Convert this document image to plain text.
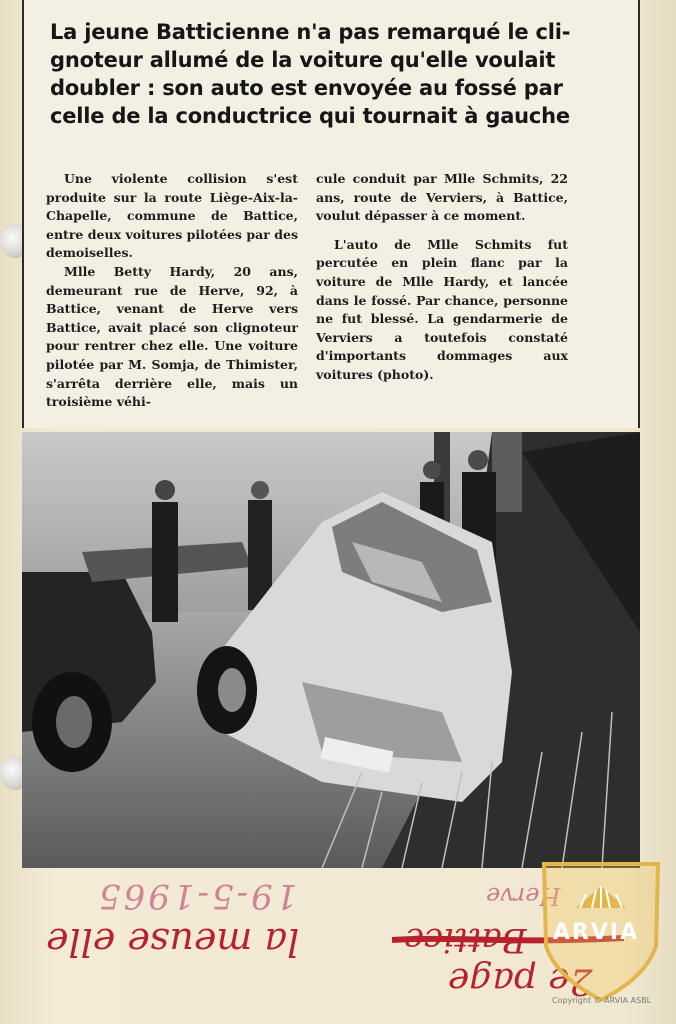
La jeune Batticienne n'a pas remarqué le cli-
gnoteur allumé de la voiture qu'elle voulait
doubler : son auto est envoyée au fossé par
celle de la conductrice qui tournait à gauche

Une violente collision s'est produite sur la route Liège-Aix-la-Chapelle, commune de Battice, entre deux voitures pilotées par des demoiselles.

Mlle Betty Hardy, 20 ans, demeurant rue de Herve, 92, à Battice, venant de Herve vers Battice, avait placé son clignoteur pour rentrer chez elle. Une voiture pilotée par M. Somja, de Thimister, s'arrêta derrière elle, mais un troisième véhi-

cule conduit par Mlle Schmits, 22 ans, route de Verviers, à Battice, voulut dépasser à ce moment.

L'auto de Mlle Schmits fut percutée en plein flanc par la voiture de Mlle Hardy, et lancée dans le fossé. Par chance, personne ne fut blessé. La gendarmerie de Verviers a toutefois constaté d'importants dommages aux voitures (photo).

19-5-1965	Herve
la meuse elle	Battice
2e page
ARVIA
Copyright © ARVIA ASBL
